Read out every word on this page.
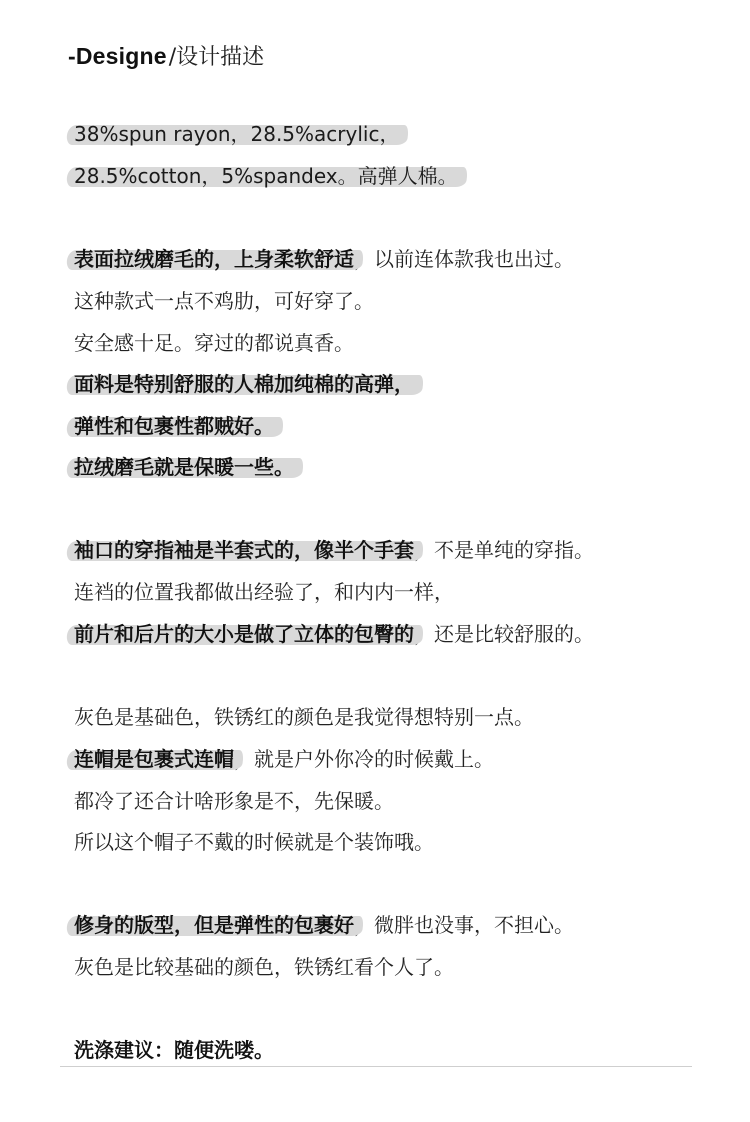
-Designe/设计描述
38%spun rayon，28.5%acrylic，
28.5%cotton，5%spandex。高弹人棉。
表面拉绒磨毛的，上身柔软舒适，以前连体款我也出过。
这种款式一点不鸡肋，可好穿了。
安全感十足。穿过的都说真香。
面料是特别舒服的人棉加纯棉的高弹，
弹性和包裹性都贼好。
拉绒磨毛就是保暖一些。
袖口的穿指袖是半套式的，像半个手套，不是单纯的穿指。
连裆的位置我都做出经验了，和内内一样，
前片和后片的大小是做了立体的包臀的，还是比较舒服的。
灰色是基础色，铁锈红的颜色是我觉得想特别一点。
连帽是包裹式连帽，就是户外你冷的时候戴上。
都冷了还合计啥形象是不，先保暖。
所以这个帽子不戴的时候就是个装饰哦。
修身的版型，但是弹性的包裹好，微胖也没事，不担心。
灰色是比较基础的颜色，铁锈红看个人了。
洗涤建议：随便洗喽。
